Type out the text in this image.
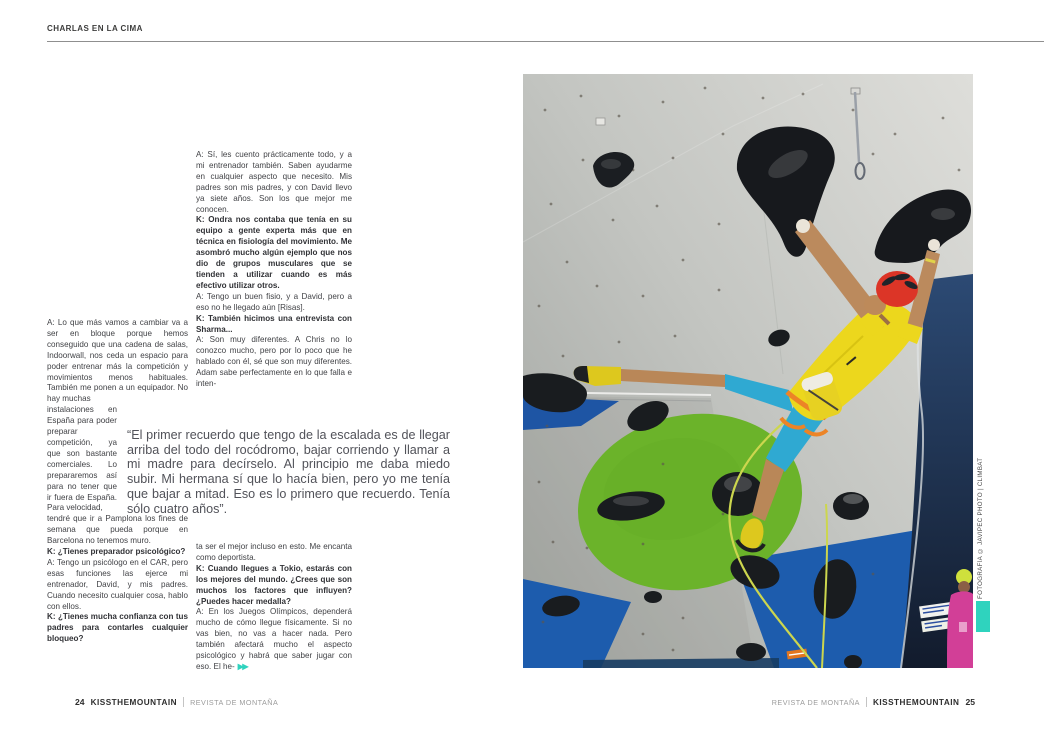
CHARLAS EN LA CIMA

A: Lo que más vamos a cambiar va a ser en bloque porque hemos conseguido que una cadena de salas, Indoorwall, nos ceda un espacio para poder entrenar más la competición y movimientos menos habituales. También me ponen a un equipador. No hay muchas

instalaciones en España para poder preparar competición, ya que son bastante comerciales. Lo prepararemos así para no tener que ir fuera de España. Para velocidad,

tendré que ir a Pamplona los fines de semana que pueda porque en Barcelona no tenemos muro.

K: ¿Tienes preparador psicológico?

A: Tengo un psicólogo en el CAR, pero esas funciones las ejerce mi entrenador, David, y mis padres. Cuando necesito cualquier cosa, hablo con ellos.

K: ¿Tienes mucha confianza con tus padres para contarles cualquier bloqueo?

“El primer recuerdo que tengo de la escalada es de llegar arriba del todo del rocódromo, bajar corriendo y llamar a mi madre para decírselo. Al principio me daba miedo subir. Mi hermana sí que lo hacía bien, pero yo me tenía que bajar a mitad. Eso es lo primero que recuerdo. Tenía sólo cuatro años”.

A: Sí, les cuento prácticamente todo, y a mi entrenador también. Saben ayudarme en cualquier aspecto que necesito. Mis padres son mis padres, y con David llevo ya siete años. Son los que mejor me conocen.

K: Ondra nos contaba que tenía en su equipo a gente experta más que en técnica en fisiología del movimiento. Me asombró mucho algún ejemplo que nos dio de grupos musculares que se tienden a utilizar cuando es más efectivo utilizar otros.

A: Tengo un buen fisio, y a David, pero a eso no he llegado aún [Risas].

K: También hicimos una entrevista con Sharma...

A: Son muy diferentes. A Chris no lo conozco mucho, pero por lo poco que he hablado con él, sé que son muy diferentes. Adam sabe perfectamente en lo que falla e inten-

ta ser el mejor incluso en esto. Me encanta como deportista.

K: Cuando llegues a Tokio, estarás con los mejores del mundo. ¿Crees que son muchos los factores que influyen? ¿Puedes hacer medalla?

A: En los Juegos Olímpicos, dependerá mucho de cómo llegue físicamente. Si no vas bien, no vas a hacer nada. Pero también afectará mucho el aspecto psicológico y habrá que saber jugar con eso. El he- ▶▶

FOTOGRAFÍA © JAVIPEC PHOTO | CLIMBAT
24 KISSTHEMOUNTAIN REVISTA DE MONTAÑA	REVISTA DE MONTAÑA KISSTHEMOUNTAIN 25
